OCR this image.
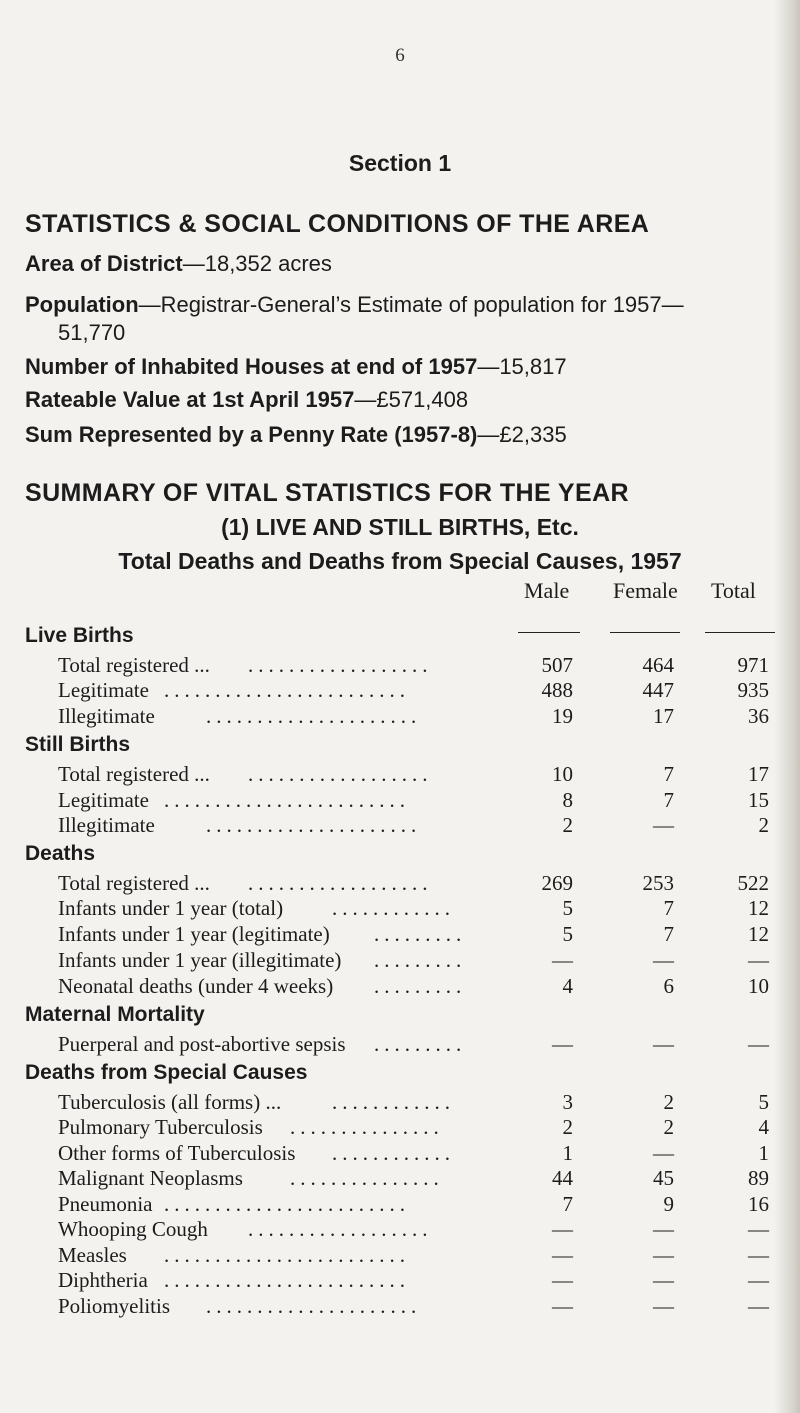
6
Section 1
STATISTICS & SOCIAL CONDITIONS OF THE AREA
Area of District—18,352 acres
Population—Registrar-General’s Estimate of population for 1957—
51,770
Number of Inhabited Houses at end of 1957—15,817
Rateable Value at 1st April 1957—£571,408
Sum Represented by a Penny Rate (1957-8)—£2,335
SUMMARY OF VITAL STATISTICS FOR THE YEAR
(1) LIVE AND STILL BIRTHS, Etc.
Total Deaths and Deaths from Special Causes, 1957
Male Female Total
Live Births
Total registered ...	507	464	971
..................
Legitimate	488	447	935
........................
Illegitimate	19	17	36
.....................
Still Births
Total registered ...	10	7	17
..................
Legitimate	8	7	15
........................
Illegitimate	2	—	2
.....................
Deaths
Total registered ...	269	253	522
..................
Infants under 1 year (total)	5	7	12
............
Infants under 1 year (legitimate)	5	7	12
.........
Infants under 1 year (illegitimate)	—	—	—
.........
Neonatal deaths (under 4 weeks)	4	6	10
.........
Maternal Mortality
Puerperal and post-abortive sepsis	—	—	—
.........
Deaths from Special Causes
Tuberculosis (all forms) ...	3	2	5
............
Pulmonary Tuberculosis	2	2	4
...............
Other forms of Tuberculosis	1	—	1
............
Malignant Neoplasms	44	45	89
...............
Pneumonia	7	9	16
........................
Whooping Cough	—	—	—
..................
Measles	—	—	—
........................
Diphtheria	—	—	—
........................
Poliomyelitis	—	—	—
.....................
